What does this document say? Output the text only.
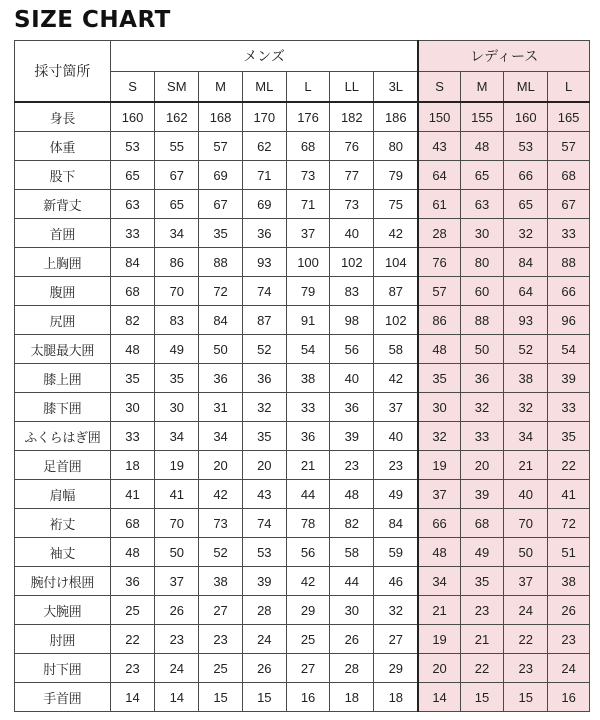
SIZE CHART
採寸箇所	メンズ							レディース			
	S	SM	M	ML	L	LL	3L	S	M	ML	L
身長	160	162	168	170	176	182	186	150	155	160	165
体重	53	55	57	62	68	76	80	43	48	53	57
股下	65	67	69	71	73	77	79	64	65	66	68
新背丈	63	65	67	69	71	73	75	61	63	65	67
首囲	33	34	35	36	37	40	42	28	30	32	33
上胸囲	84	86	88	93	100	102	104	76	80	84	88
腹囲	68	70	72	74	79	83	87	57	60	64	66
尻囲	82	83	84	87	91	98	102	86	88	93	96
太腿最大囲	48	49	50	52	54	56	58	48	50	52	54
膝上囲	35	35	36	36	38	40	42	35	36	38	39
膝下囲	30	30	31	32	33	36	37	30	32	32	33
ふくらはぎ囲	33	34	34	35	36	39	40	32	33	34	35
足首囲	18	19	20	20	21	23	23	19	20	21	22
肩幅	41	41	42	43	44	48	49	37	39	40	41
裄丈	68	70	73	74	78	82	84	66	68	70	72
袖丈	48	50	52	53	56	58	59	48	49	50	51
腕付け根囲	36	37	38	39	42	44	46	34	35	37	38
大腕囲	25	26	27	28	29	30	32	21	23	24	26
肘囲	22	23	23	24	25	26	27	19	21	22	23
肘下囲	23	24	25	26	27	28	29	20	22	23	24
手首囲	14	14	15	15	16	18	18	14	15	15	16
